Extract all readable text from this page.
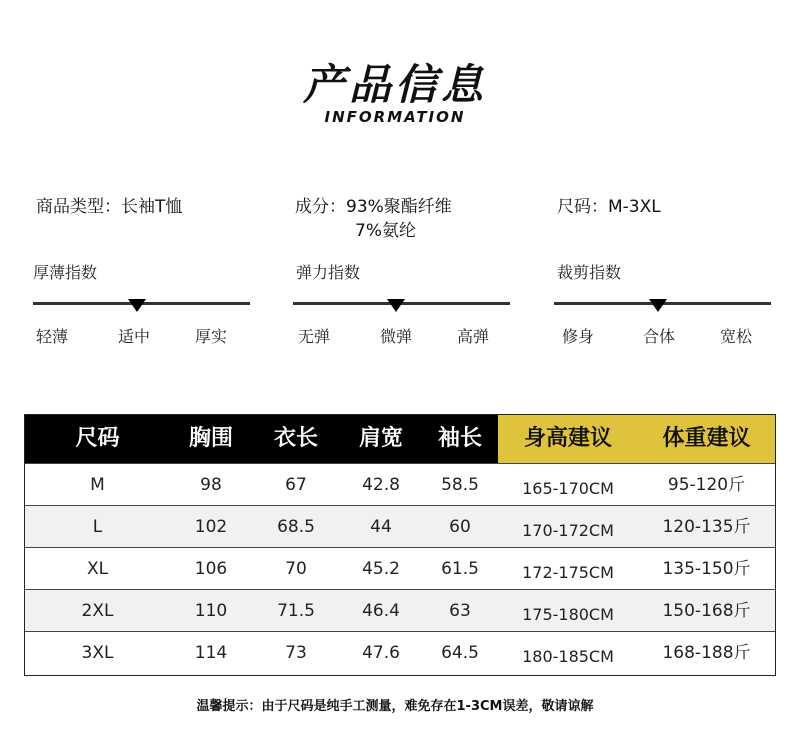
产品信息
INFORMATION
商品类型：长袖T恤	成分：93%聚酯纤维
7%氨纶
尺码：M-3XL
厚薄指数
轻薄	适中	厚实
弹力指数
无弹	微弹	高弹
裁剪指数
修身	合体	宽松
尺码	胸围	衣长	肩宽	袖长	身高建议	体重建议
M	98	67	42.8	58.5	165-170CM	95-120斤
L	102	68.5	44	60	170-172CM	120-135斤
XL	106	70	45.2	61.5	172-175CM	135-150斤
2XL	110	71.5	46.4	63	175-180CM	150-168斤
3XL	114	73	47.6	64.5	180-185CM	168-188斤
温馨提示：由于尺码是纯手工测量，难免存在1-3CM误差，敬请谅解
